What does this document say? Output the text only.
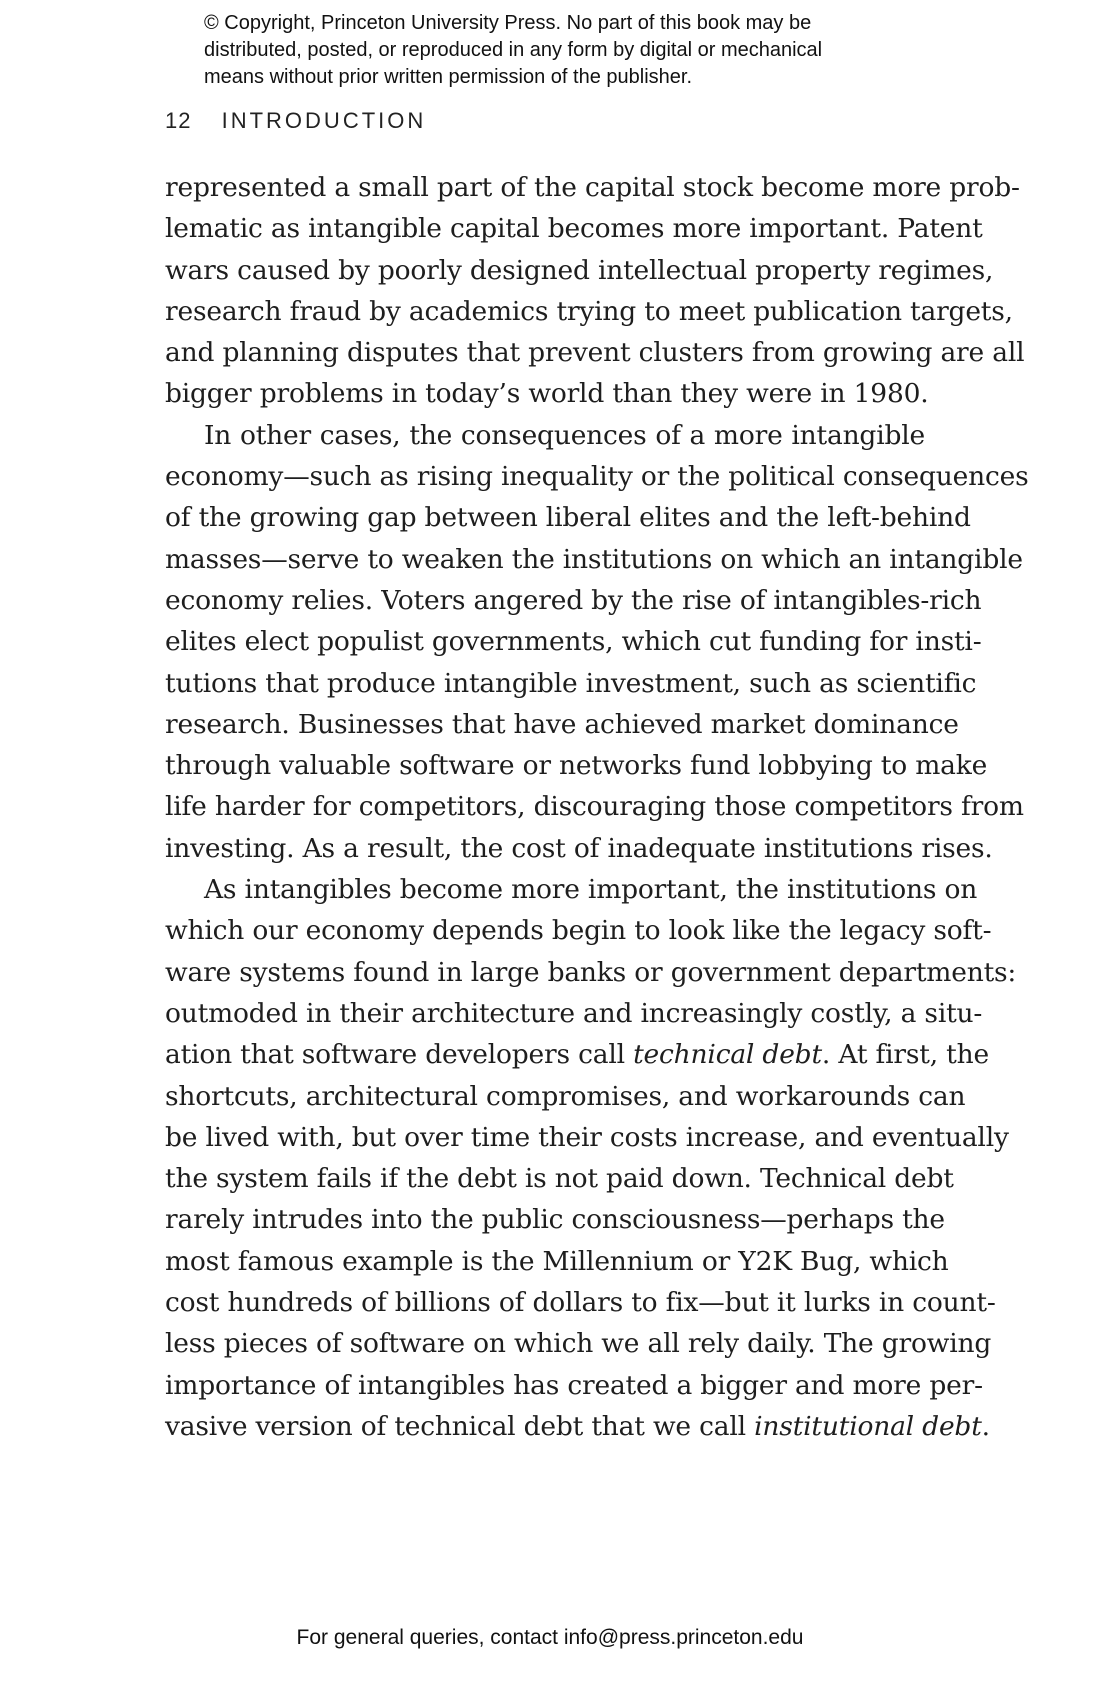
© Copyright, Princeton University Press. No part of this book may be
distributed, posted, or reproduced in any form by digital or mechanical
means without prior written permission of the publisher.
12 INTRODUCTION
represented a small part of the capital stock become more prob-
lematic as intangible capital becomes more important. Patent
wars caused by poorly designed intellectual property regimes,
research fraud by academics trying to meet publication targets,
and planning disputes that prevent clusters from growing are all
bigger problems in today’s world than they were in 1980.
In other cases, the consequences of a more intangible
economy—such as rising inequality or the political consequences
of the growing gap between liberal elites and the left-behind
masses—serve to weaken the institutions on which an intangible
economy relies. Voters angered by the rise of intangibles-rich
elites elect populist governments, which cut funding for insti-
tutions that produce intangible investment, such as scientific
research. Businesses that have achieved market dominance
through valuable software or networks fund lobbying to make
life harder for competitors, discouraging those competitors from
investing. As a result, the cost of inadequate institutions rises.
As intangibles become more important, the institutions on
which our economy depends begin to look like the legacy soft-
ware systems found in large banks or government departments:
outmoded in their architecture and increasingly costly, a situ-
ation that software developers call technical debt. At first, the
shortcuts, architectural compromises, and workarounds can
be lived with, but over time their costs increase, and eventually
the system fails if the debt is not paid down. Technical debt
rarely intrudes into the public consciousness—perhaps the
most famous example is the Millennium or Y2K Bug, which
cost hundreds of billions of dollars to fix—but it lurks in count-
less pieces of software on which we all rely daily. The growing
importance of intangibles has created a bigger and more per-
vasive version of technical debt that we call institutional debt.
For general queries, contact info@press.princeton.edu
